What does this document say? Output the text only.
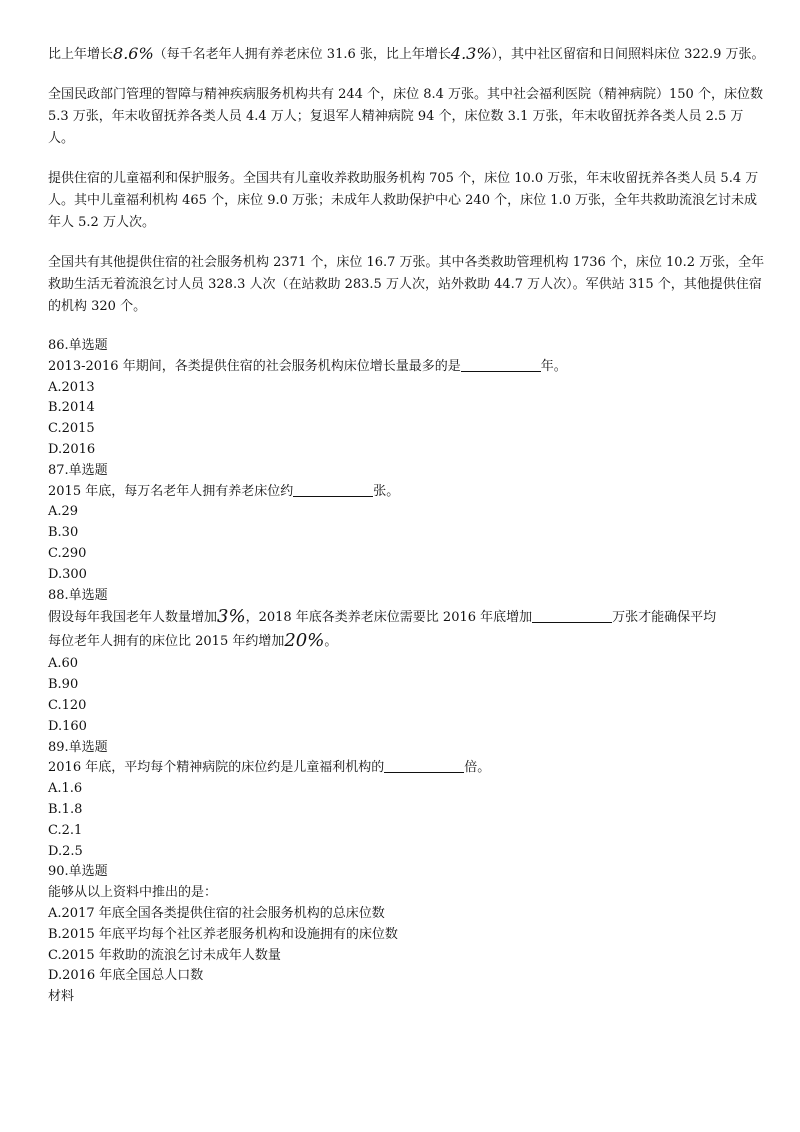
比上年增长8.6%（每千名老年人拥有养老床位 31.6 张，比上年增长4.3%），其中社区留宿和日间照料床位 322.9 万张。

全国民政部门管理的智障与精神疾病服务机构共有 244 个，床位 8.4 万张。其中社会福利医院（精神病院）150 个，床位数 5.3 万张，年末收留抚养各类人员 4.4 万人；复退军人精神病院 94 个，床位数 3.1 万张，年末收留抚养各类人员 2.5 万人。

提供住宿的儿童福利和保护服务。全国共有儿童收养救助服务机构 705 个，床位 10.0 万张，年末收留抚养各类人员 5.4 万人。其中儿童福利机构 465 个，床位 9.0 万张；未成年人救助保护中心 240 个，床位 1.0 万张，全年共救助流浪乞讨未成年人 5.2 万人次。

全国共有其他提供住宿的社会服务机构 2371 个，床位 16.7 万张。其中各类救助管理机构 1736 个，床位 10.2 万张，全年救助生活无着流浪乞讨人员 328.3 人次（在站救助 283.5 万人次，站外救助 44.7 万人次）。军供站 315 个，其他提供住宿的机构 320 个。

86.单选题

2013-2016 年期间，各类提供住宿的社会服务机构床位增长量最多的是	年。

A.2013

B.2014

C.2015

D.2016

87.单选题

2015 年底，每万名老年人拥有养老床位约	张。

A.29

B.30

C.290

D.300

88.单选题

假设每年我国老年人数量增加3%，2018 年底各类养老床位需要比 2016 年底增加	万张才能确保平均

每位老年人拥有的床位比 2015 年约增加20%。

A.60

B.90

C.120

D.160

89.单选题

2016 年底，平均每个精神病院的床位约是儿童福利机构的	倍。

A.1.6

B.1.8

C.2.1

D.2.5

90.单选题

能够从以上资料中推出的是：

A.2017 年底全国各类提供住宿的社会服务机构的总床位数

B.2015 年底平均每个社区养老服务机构和设施拥有的床位数

C.2015 年救助的流浪乞讨未成年人数量

D.2016 年底全国总人口数

材料
